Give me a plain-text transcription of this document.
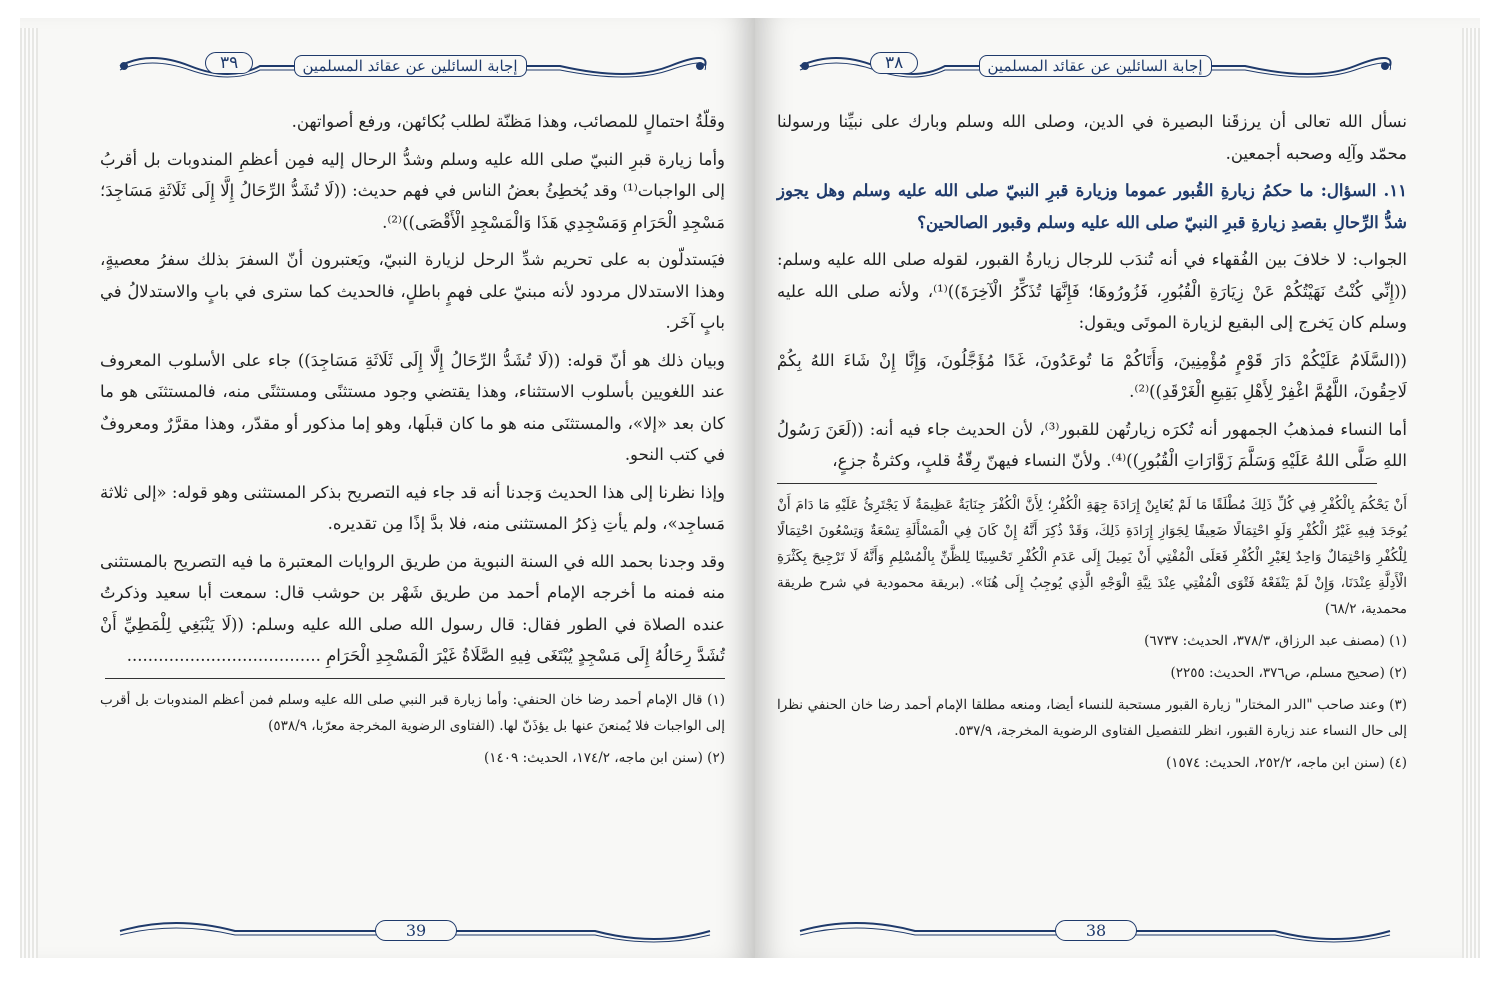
٣٩	إجابة السائلين عن عقائد المسلمين

وقلّةُ احتمالٍ للمصائب، وهذا مَظنّة لطلب بُكائهن، ورفع أصواتهن.

وأما زيارة قبرِ النبيّ صلى الله عليه وسلم وشدُّ الرحال إليه فمِن أعظمِ المندوبات بل أقربُ إلى الواجبات⁽¹⁾ وقد يُخطِئُ بعضُ الناس في فهم حديث: ((لَا تُشَدُّ الرِّحَالُ إِلَّا إِلَى ثَلَاثَةِ مَسَاجِدَ؛ مَسْجِدِ الْحَرَامِ وَمَسْجِدِي هَذَا وَالْمَسْجِدِ الْأَقْصَى))⁽²⁾.

فيَستدلّون به على تحريم شدِّ الرحل لزيارة النبيّ، ويَعتبرون أنّ السفرَ بذلك سفرُ معصيةٍ، وهذا الاستدلال مردود لأنه مبنيّ على فهمٍ باطلٍ، فالحديث كما سترى في بابٍ والاستدلالُ في بابٍ آخَر.

وبيان ذلك هو أنّ قوله: ((لَا تُشَدُّ الرِّحَالُ إِلَّا إِلَى ثَلَاثَةِ مَسَاجِدَ)) جاء على الأسلوب المعروف عند اللغويين بأسلوب الاستثناء، وهذا يقتضي وجود مستثنًى ومستثنًى منه، فالمستثنَى هو ما كان بعد «إلا»، والمستثنَى منه هو ما كان قبلَها، وهو إما مذكور أو مقدّر، وهذا مقرَّرٌ ومعروفٌ في كتب النحو.

وإذا نظرنا إلى هذا الحديث وَجدنا أنه قد جاء فيه التصريح بذكر المستثنى وهو قوله: «إلى ثلاثة مَساجِد»، ولم يأتِ ذِكرُ المستثنى منه، فلا بدَّ إذًا مِن تقديره.

وقد وجدنا بحمد الله في السنة النبوية من طريق الروايات المعتبرة ما فيه التصريح بالمستثنى منه فمنه ما أخرجه الإمام أحمد من طريق شَهْر بن حوشب قال: سمعت أبا سعيد وذكرتُ عنده الصلاة في الطور فقال: قال رسول الله صلى الله عليه وسلم: ((لَا يَنْبَغِي لِلْمَطِيِّ أَنْ تُشَدَّ رِحَالُهُ إِلَى مَسْجِدٍ يُبْتَغَى فِيهِ الصَّلَاةُ غَيْرَ الْمَسْجِدِ الْحَرَامِ .....................................

(١) قال الإمام أحمد رضا خان الحنفي: وأما زيارة قبر النبي صلى الله عليه وسلم فمن أعظم المندوبات بل أقرب إلى الواجبات فلا يُمنعنَ عنها بل يؤذَنّ لها. (الفتاوى الرضوية المخرجة معرّبا، ٥٣٨/٩)

(٢) (سنن ابن ماجه، ١٧٤/٢، الحديث: ١٤٠٩)

39
٣٨	إجابة السائلين عن عقائد المسلمين

نسأل الله تعالى أن يرزقَنا البصيرة في الدين، وصلى الله وسلم وبارك على نبيِّنا ورسولنا محمّد وآلِه وصحبه أجمعين.

١١. السؤال: ما حكمُ زيارةِ القُبور عموما وزيارة قبرِ النبيّ صلى الله عليه وسلم وهل يجوز شدُّ الرِّحالِ بقصدِ زيارةِ قبرِ النبيّ صلى الله عليه وسلم وقبور الصالحين؟

الجواب: لا خلافَ بين الفُقهاء في أنه تُندَب للرجال زيارةُ القبور، لقوله صلى الله عليه وسلم: ((إِنِّي كُنْتُ نَهَيْتُكُمْ عَنْ زِيَارَةِ الْقُبُورِ، فَزُورُوهَا؛ فَإِنَّهَا تُذَكِّرُ الْآخِرَةَ))⁽¹⁾، ولأنه صلى الله عليه وسلم كان يَخرج إلى البقيع لزيارة الموتَى ويقول:

((السَّلَامُ عَلَيْكُمْ دَارَ قَوْمٍ مُؤْمِنِينَ، وَأَتَاكُمْ مَا تُوعَدُونَ، غَدًا مُؤَجَّلُونَ، وَإِنَّا إِنْ شَاءَ اللهُ بِكُمْ لَاحِقُونَ، اللَّهُمَّ اغْفِرْ لِأَهْلِ بَقِيعِ الْغَرْقَدِ))⁽²⁾.

أما النساء فمذهبُ الجمهور أنه تُكرَه زيارتُهن للقبور⁽³⁾، لأن الحديث جاء فيه أنه: ((لَعَنَ رَسُولُ اللهِ صَلَّى اللهُ عَلَيْهِ وَسَلَّمَ زَوَّارَاتِ الْقُبُورِ))⁽⁴⁾. ولأنّ النساء فيهنّ رِقّةُ قلبٍ، وكثرةُ جزعٍ،

أَنْ يَحْكُمَ بِالْكُفْرِ فِي كُلِّ ذَلِكَ مُطْلَقًا مَا لَمْ يُعَايِنْ إِرَادَةَ جِهَةِ الْكُفْرِ؛ لِأَنَّ الْكُفْرَ جِنَايَةٌ عَظِيمَةٌ لَا يَجْتَرِئُ عَلَيْهِ مَا دَامَ أَنْ يُوجَدَ فِيهِ غَيْرُ الْكُفْرِ وَلَوِ احْتِمَالًا ضَعِيفًا لِجَوَازِ إِرَادَةِ ذَلِكَ، وَقَدْ ذُكِرَ أَنَّهُ إِنْ كَانَ فِي الْمَسْأَلَةِ تِسْعَةٌ وَتِسْعُونَ احْتِمَالًا لِلْكُفْرِ وَاحْتِمَالٌ وَاحِدٌ لِغَيْرِ الْكُفْرِ فَعَلَى الْمُفْتِي أَنْ يَمِيلَ إِلَى عَدَمِ الْكُفْرِ تَحْسِينًا لِلظَّنِّ بِالْمُسْلِمِ وَأَنَّهُ لَا تَرْجِيحَ بِكَثْرَةِ الْأَدِلَّةِ عِنْدَنَا، وَإِنْ لَمْ يَنْفَعْهُ فَتْوَى الْمُفْتِي عِنْدَ نِيَّةِ الْوَجْهِ الَّذِي يُوجِبُ إِلَى هُنَا». (بريقة محمودية في شرح طريقة محمدية، ٦٨/٢)

(١) (مصنف عبد الرزاق، ٣٧٨/٣، الحديث: ٦٧٣٧)

(٢) (صحيح مسلم، ص٣٧٦، الحديث: ٢٢٥٥)

(٣) وعند صاحب "الدر المختار" زيارة القبور مستحبة للنساء أيضا، ومنعه مطلقا الإمام أحمد رضا خان الحنفي نظرا إلى حال النساء عند زيارة القبور، انظر للتفصيل الفتاوى الرضوية المخرجة، ٥٣٧/٩.

(٤) (سنن ابن ماجه، ٢٥٢/٢، الحديث: ١٥٧٤)

38
